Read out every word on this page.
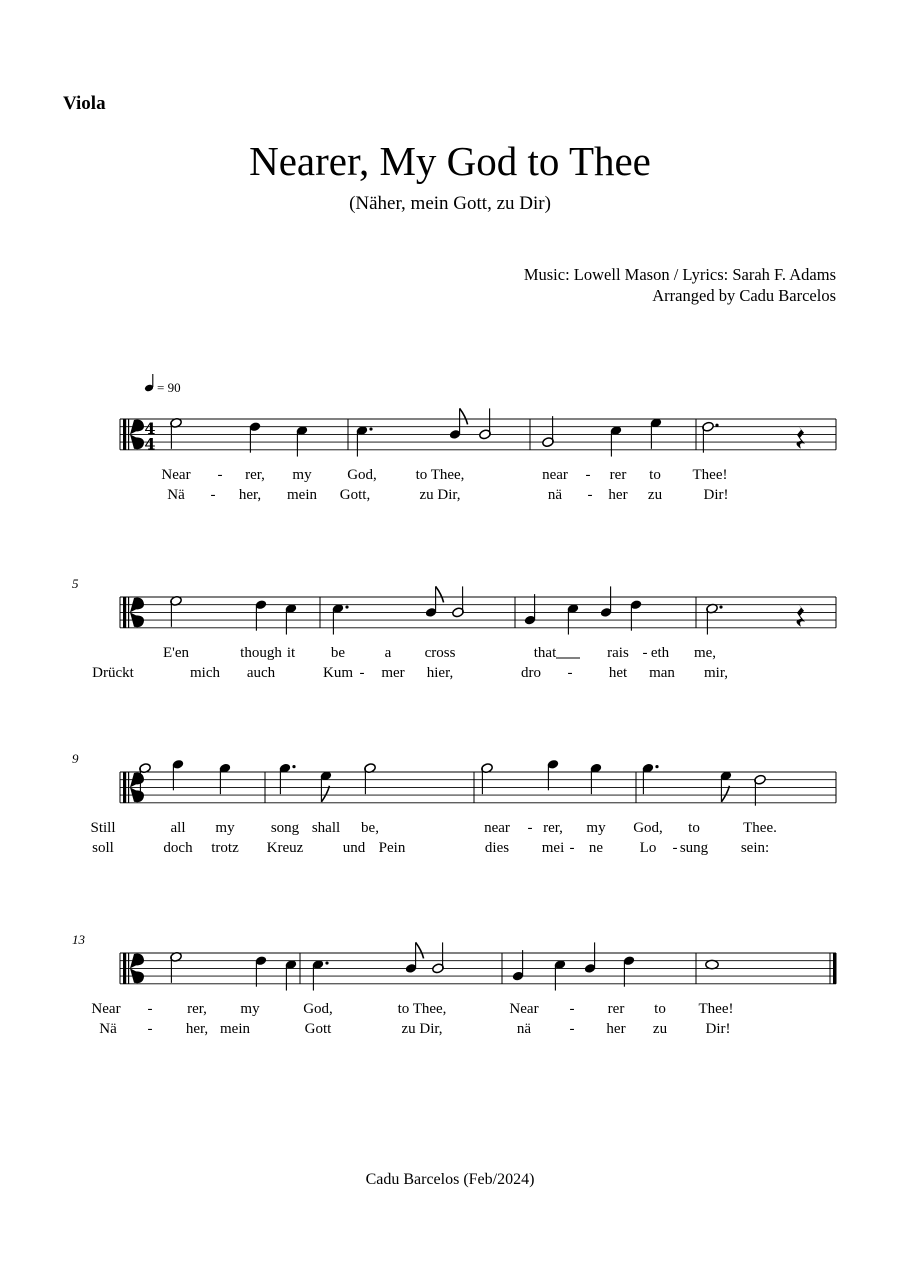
Viola
Nearer, My God to Thee
(Näher, mein Gott, zu Dir)
Music: Lowell Mason / Lyrics: Sarah F. Adams
Arranged by Cadu Barcelos
= 90
4
4
Near - rer, my God,	to Thee,	near - rer to Thee!
Nä - her, mein Gott,	zu Dir,	nä - her zu	Dir!
5
E'en	though it be	a cross	that	rais - eth me,
Drückt	mich auch	Kum - mer hier,	dro - het man mir,
9
Still	all my song shall be,	near - rer, my God, to	Thee.
soll	doch trotz Kreuz	und Pein	dies mei - ne Lo - sung sein:
13
Near - rer, my	God,	to Thee,	Near - rer to Thee!
Nä - her, mein	Gott	zu Dir,	nä	- her zu	Dir!
Cadu Barcelos (Feb/2024)
